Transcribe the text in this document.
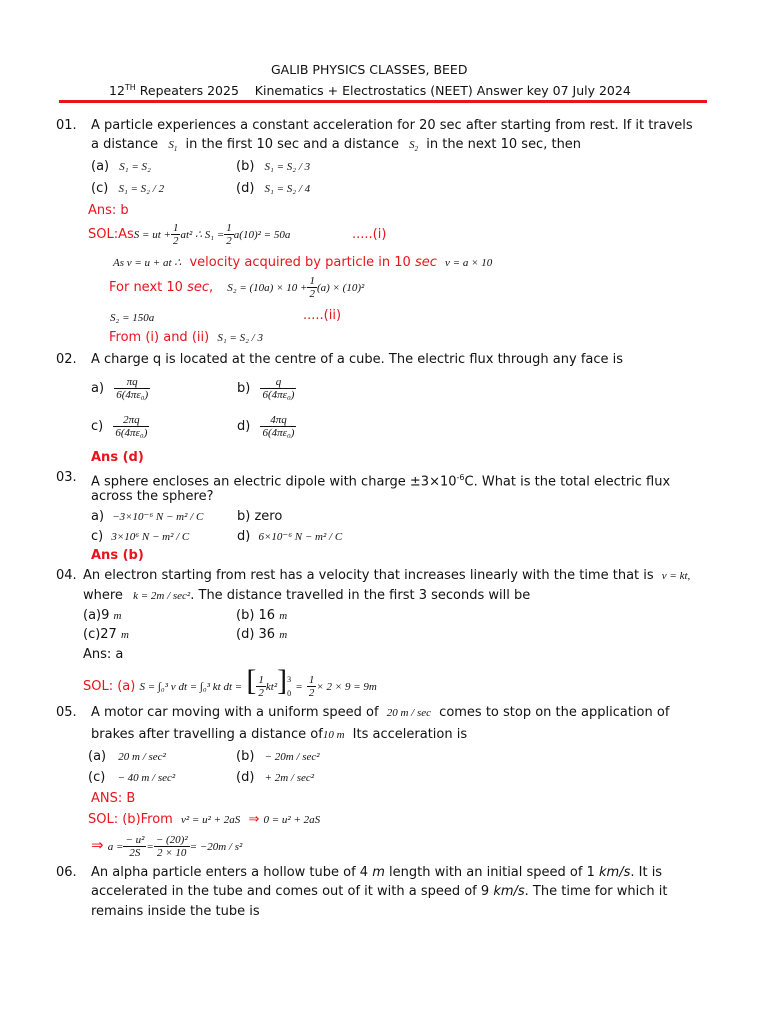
GALIB PHYSICS CLASSES, BEED
12TH Repeaters 2025    Kinematics + Electrostatics (NEET) Answer key 07 July 2024
01. A particle experiences a constant acceleration for 20 sec after starting from rest. If it travels
a distance $S_1$ in the first 10 sec and a distance $S_2$ in the next 10 sec, then
(a) S₁ = S₂	(b) S₁ = S₂ / 3
(c) S₁ = S₂ / 2	(d) S₁ = S₂ / 4
Ans: b
SOL:AsS = ut + $\frac{1}{2} at^2$ ∴ $S_1 = \frac{1}{2} a(10)^2 = 50a$	.....(i)
As v = u + at ∴ velocity acquired by particle in 10 sec v = a × 10
For next 10 sec, $S_2 = (10a) \times 10 + \frac{1}{2} (a) \times (10)^2$
S₂ = 150a	.....(ii)
From (i) and (ii) S₁ = S₂ / 3
02. A charge q is located at the centre of a cube. The electric flux through any face is
$a) \frac{\pi q}{\text{6(4πε₀)}}$	$b) \frac{q}{\text{6(4πε₀)}}$
$c) \frac{2\pi q}{\text{6(4πε₀)}}$	$d) \frac{4\pi q}{\text{6(4πε₀)}}$
Ans (d)
03. A sphere encloses an electric dipole with charge $\pm 3\times 10^{-6}C$. What is the total electric flux
across the sphere?
a) −3×10⁻⁶ N − m² / C	b) zero
c) 3×10⁶ N − m² / C	d) 6×10⁻⁶ N − m² / C
Ans (b)
04. An electron starting from rest has a velocity that increases linearly with the time that is v = kt,
where k = 2m / sec². The distance travelled in the first 3 seconds will be
(a)9 m	(b) 16 m
(c)27 m	(d) 36 m
Ans: a
SOL: (a) S = ∫₀³ v dt = ∫₀³ kt dt = [ $\frac{1}{2} kt^2$] 3
$0 = \frac{1}{2} \times 2 \times 9 = 9m$
05. A motor car moving with a uniform speed of 20 m / sec comes to stop on the application of
brakes after travelling a distance of10 m Its acceleration is
(a) 20 m / sec²	(b) − 20m / sec²
(c) − 40 m / sec²	(d) + 2m / sec²
ANS: B
SOL: (b)From v² = u² + 2aS ⇒ 0 = u² + 2aS
⇒ $a = \frac{\text{− u²}}{2S} = \frac{\text{− (20)²}}{2 \times 10} = -20m / s^2$
06. An alpha particle enters a hollow tube of 4 m length with an initial speed of 1 km/s. It is
accelerated in the tube and comes out of it with a speed of 9 km/s. The time for which it
remains inside the tube is
